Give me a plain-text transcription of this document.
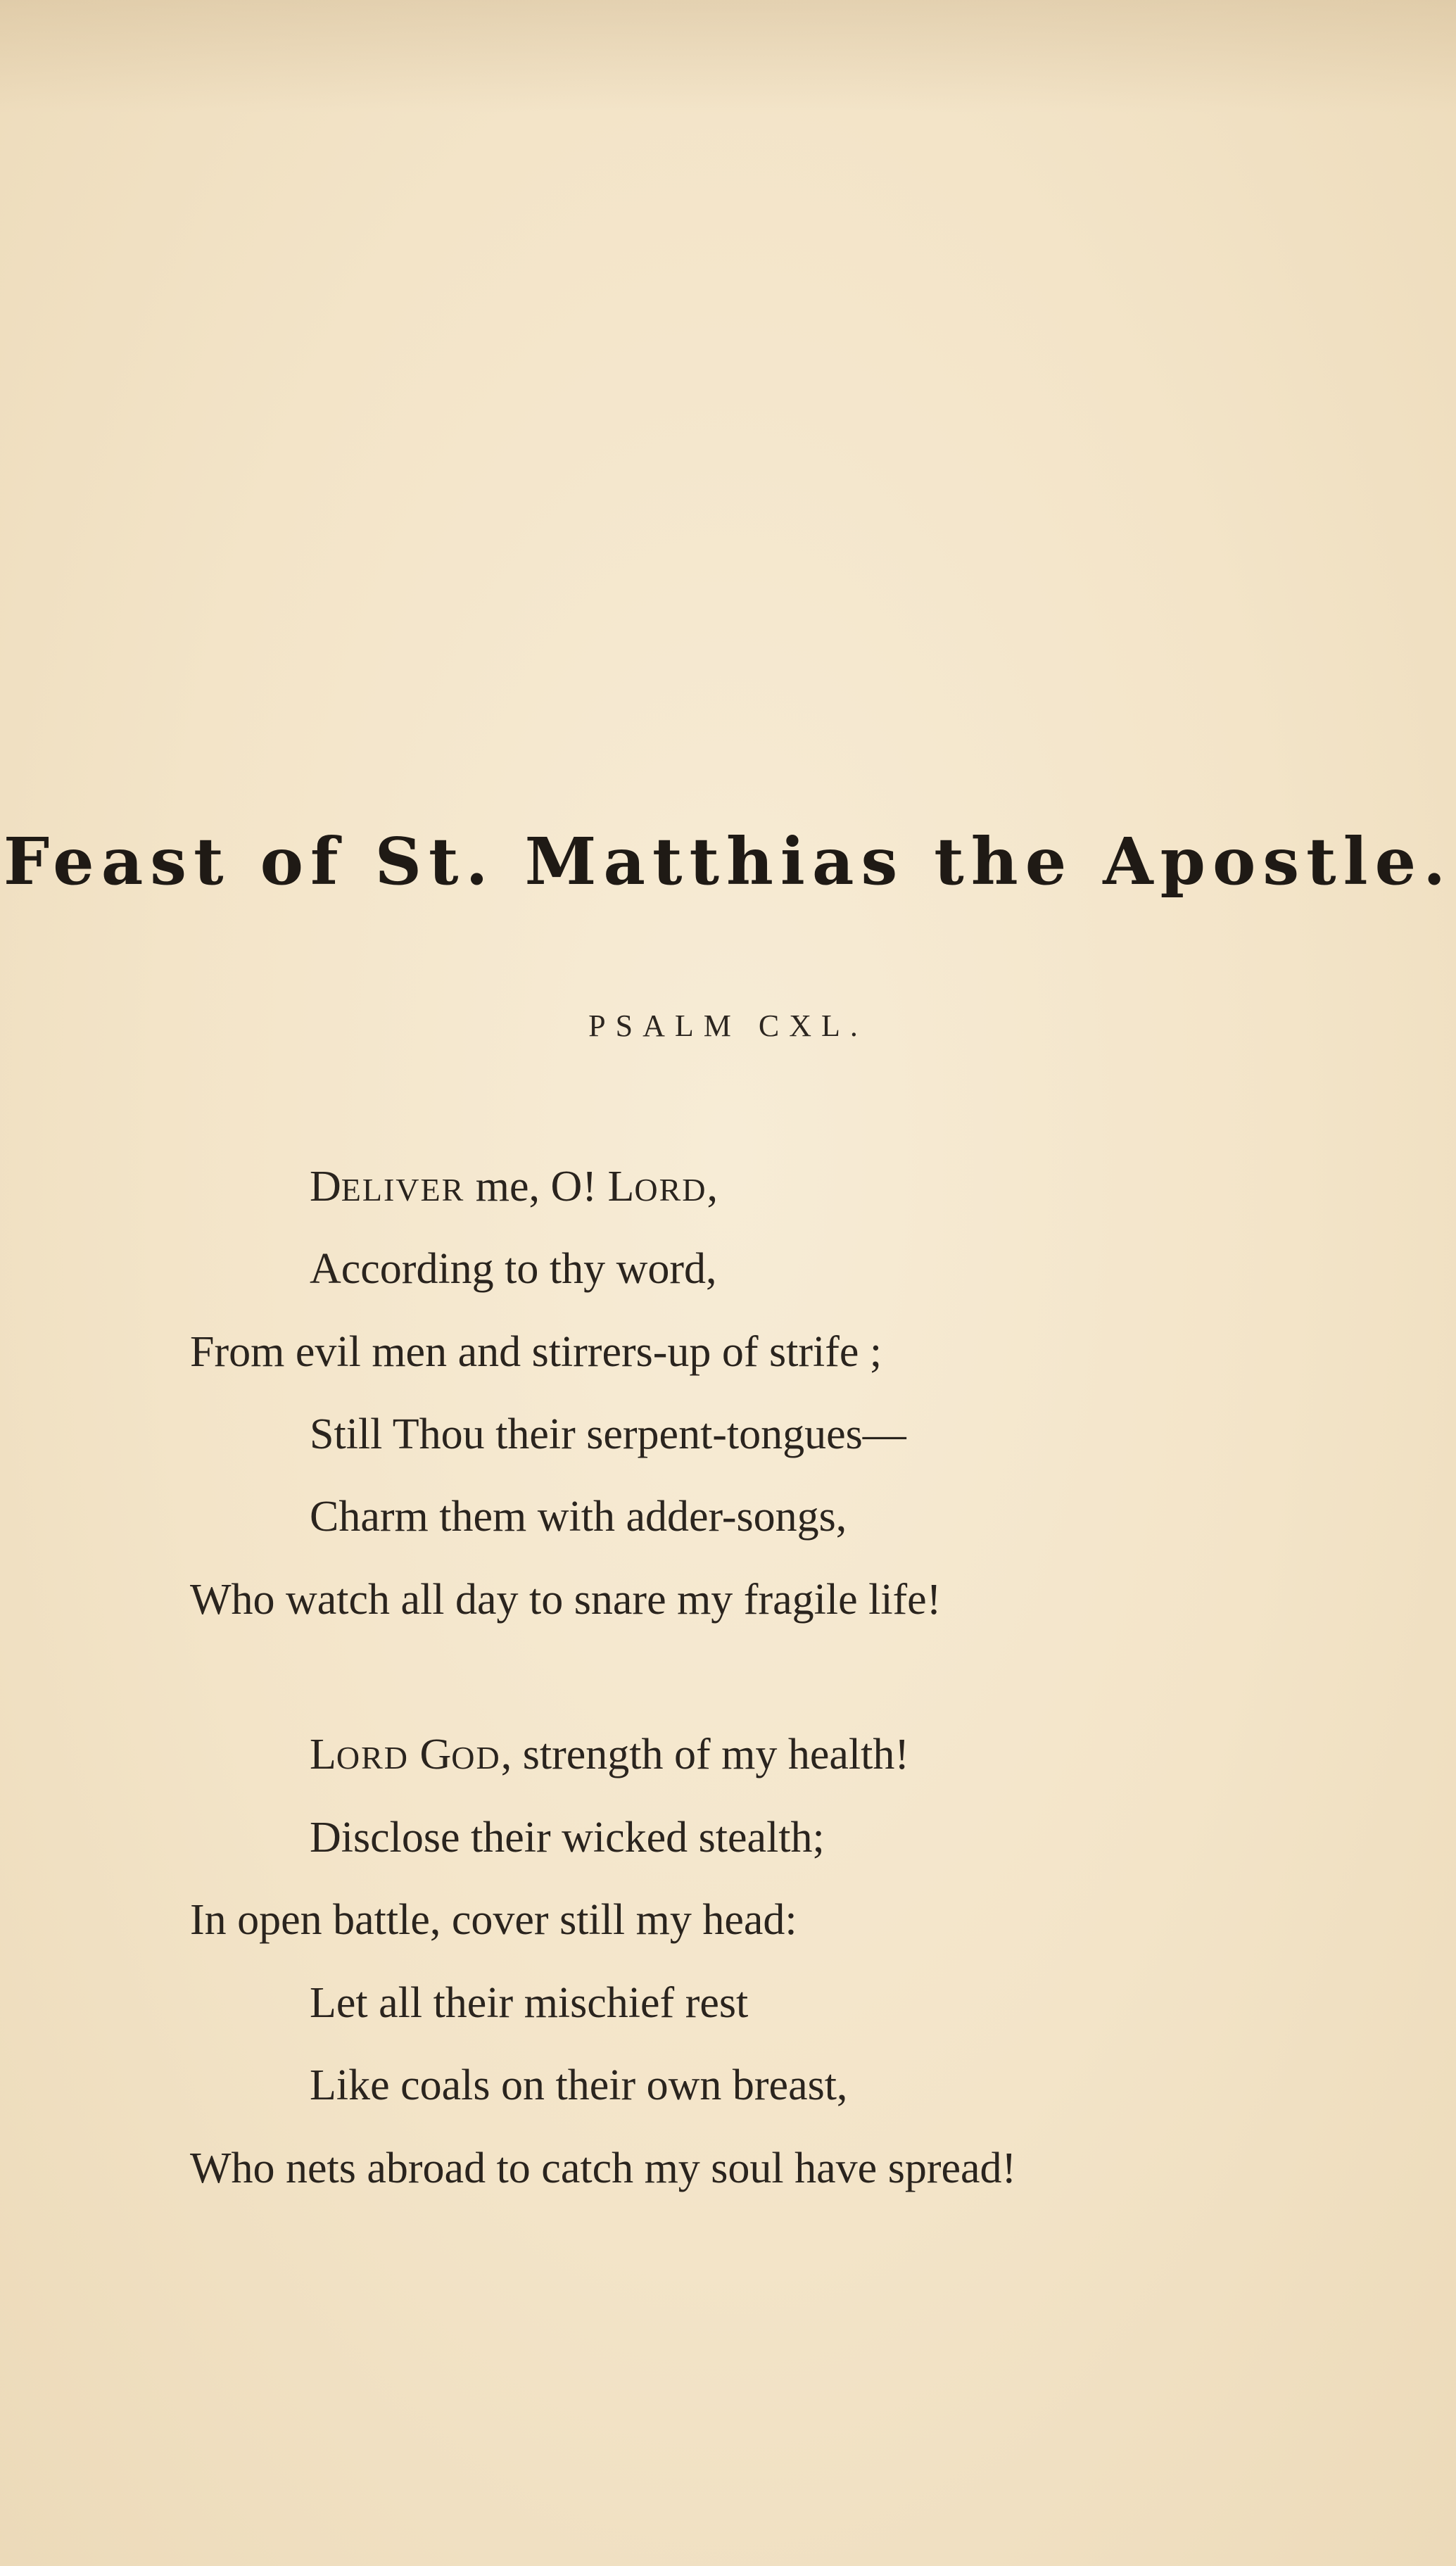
Feast of St. Matthias the Apostle.
PSALM CXL.
DELIVER me, O! LORD,
According to thy word,
From evil men and stirrers-up of strife ;
Still Thou their serpent-tongues—
Charm them with adder-songs,
Who watch all day to snare my fragile life!
LORD GOD, strength of my health!
Disclose their wicked stealth;
In open battle, cover still my head:
Let all their mischief rest
Like coals on their own breast,
Who nets abroad to catch my soul have spread!
